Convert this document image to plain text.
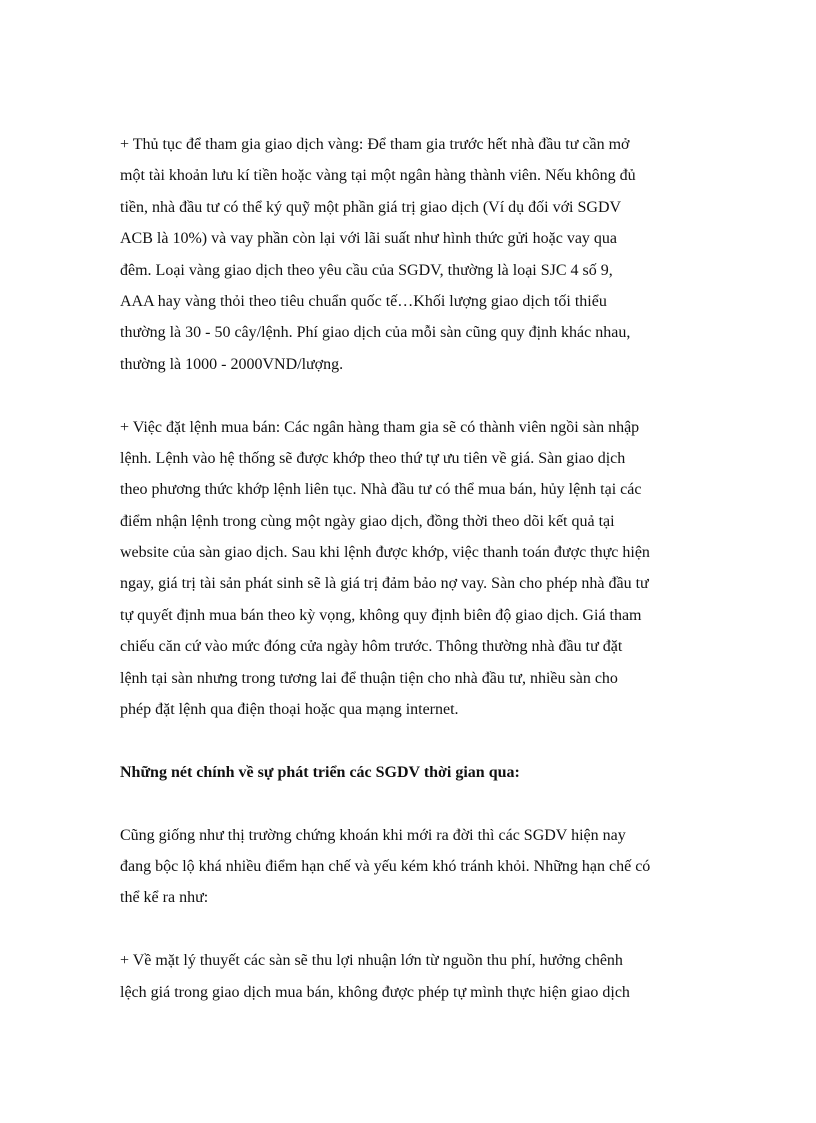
+ Thủ tục để tham gia giao dịch vàng: Để tham gia trước hết nhà đầu tư cần mở
một tài khoản lưu kí tiền hoặc vàng tại một ngân hàng thành viên. Nếu không đủ
tiền, nhà đầu tư có thể ký quỹ một phần giá trị giao dịch (Ví dụ đối với SGDV
ACB là 10%) và vay phần còn lại với lãi suất như hình thức gửi hoặc vay qua
đêm. Loại vàng giao dịch theo yêu cầu của SGDV, thường là loại SJC 4 số 9,
AAA hay vàng thỏi theo tiêu chuẩn quốc tế…Khối lượng giao dịch tối thiểu
thường là 30 - 50 cây/lệnh. Phí giao dịch của mỗi sàn cũng quy định khác nhau,
thường là 1000 - 2000VND/lượng.
+ Việc đặt lệnh mua bán: Các ngân hàng tham gia sẽ có thành viên ngồi sàn nhập
lệnh. Lệnh vào hệ thống sẽ được khớp theo thứ tự ưu tiên về giá. Sàn giao dịch
theo phương thức khớp lệnh liên tục. Nhà đầu tư có thể mua bán, hủy lệnh tại các
điểm nhận lệnh trong cùng một ngày giao dịch, đồng thời theo dõi kết quả tại
website của sàn giao dịch. Sau khi lệnh được khớp, việc thanh toán được thực hiện
ngay, giá trị tài sản phát sinh sẽ là giá trị đảm bảo nợ vay. Sàn cho phép nhà đầu tư
tự quyết định mua bán theo kỳ vọng, không quy định biên độ giao dịch. Giá tham
chiếu căn cứ vào mức đóng cửa ngày hôm trước. Thông thường nhà đầu tư đặt
lệnh tại sàn nhưng trong tương lai để thuận tiện cho nhà đầu tư, nhiều sàn cho
phép đặt lệnh qua điện thoại hoặc qua mạng internet.
Những nét chính về sự phát triển các SGDV thời gian qua:
Cũng giống như thị trường chứng khoán khi mới ra đời thì các SGDV hiện nay
đang bộc lộ khá nhiều điểm hạn chế và yếu kém khó tránh khỏi. Những hạn chế có
thể kể ra như:
+ Về mặt lý thuyết các sàn sẽ thu lợi nhuận lớn từ nguồn thu phí, hưởng chênh
lệch giá trong giao dịch mua bán, không được phép tự mình thực hiện giao dịch
